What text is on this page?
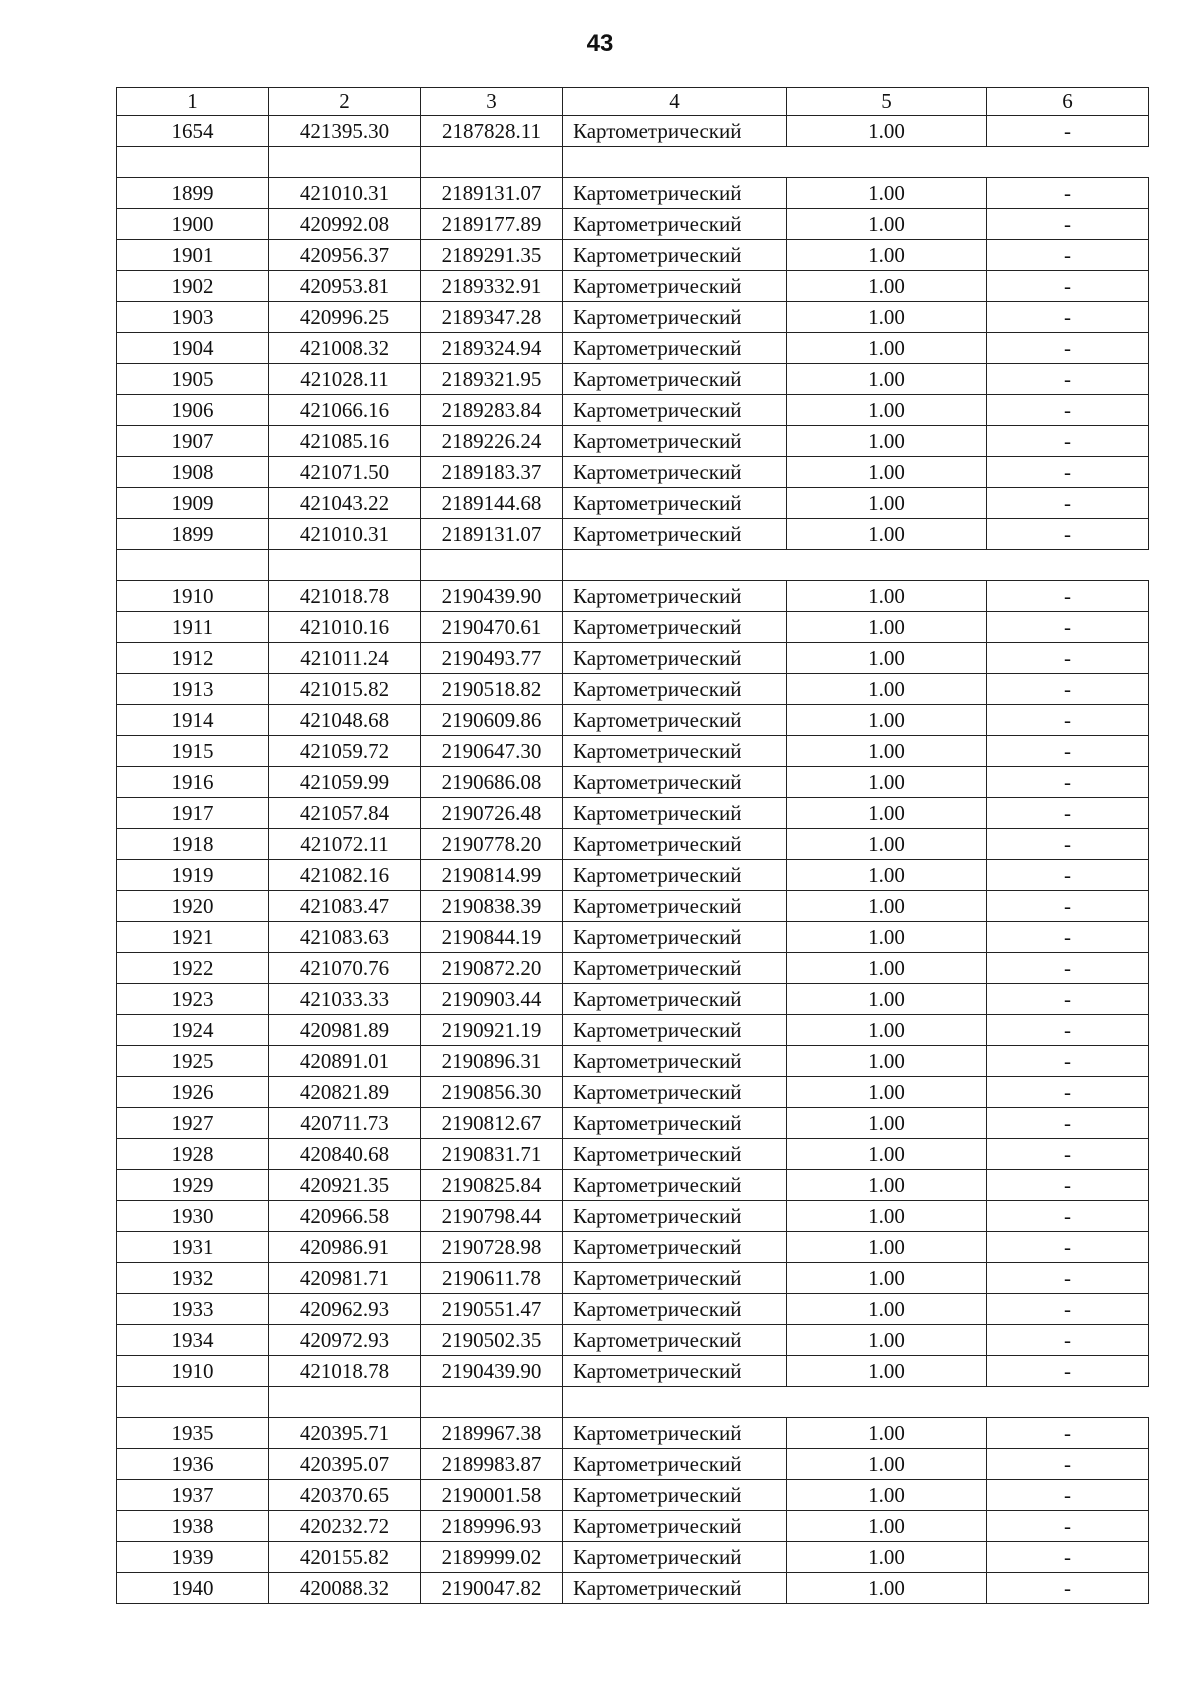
43
1	2	3	4	5	6
1654	421395.30	2187828.11	Картометрический	1.00	-

1899	421010.31	2189131.07	Картометрический	1.00	-
1900	420992.08	2189177.89	Картометрический	1.00	-
1901	420956.37	2189291.35	Картометрический	1.00	-
1902	420953.81	2189332.91	Картометрический	1.00	-
1903	420996.25	2189347.28	Картометрический	1.00	-
1904	421008.32	2189324.94	Картометрический	1.00	-
1905	421028.11	2189321.95	Картометрический	1.00	-
1906	421066.16	2189283.84	Картометрический	1.00	-
1907	421085.16	2189226.24	Картометрический	1.00	-
1908	421071.50	2189183.37	Картометрический	1.00	-
1909	421043.22	2189144.68	Картометрический	1.00	-
1899	421010.31	2189131.07	Картометрический	1.00	-

1910	421018.78	2190439.90	Картометрический	1.00	-
1911	421010.16	2190470.61	Картометрический	1.00	-
1912	421011.24	2190493.77	Картометрический	1.00	-
1913	421015.82	2190518.82	Картометрический	1.00	-
1914	421048.68	2190609.86	Картометрический	1.00	-
1915	421059.72	2190647.30	Картометрический	1.00	-
1916	421059.99	2190686.08	Картометрический	1.00	-
1917	421057.84	2190726.48	Картометрический	1.00	-
1918	421072.11	2190778.20	Картометрический	1.00	-
1919	421082.16	2190814.99	Картометрический	1.00	-
1920	421083.47	2190838.39	Картометрический	1.00	-
1921	421083.63	2190844.19	Картометрический	1.00	-
1922	421070.76	2190872.20	Картометрический	1.00	-
1923	421033.33	2190903.44	Картометрический	1.00	-
1924	420981.89	2190921.19	Картометрический	1.00	-
1925	420891.01	2190896.31	Картометрический	1.00	-
1926	420821.89	2190856.30	Картометрический	1.00	-
1927	420711.73	2190812.67	Картометрический	1.00	-
1928	420840.68	2190831.71	Картометрический	1.00	-
1929	420921.35	2190825.84	Картометрический	1.00	-
1930	420966.58	2190798.44	Картометрический	1.00	-
1931	420986.91	2190728.98	Картометрический	1.00	-
1932	420981.71	2190611.78	Картометрический	1.00	-
1933	420962.93	2190551.47	Картометрический	1.00	-
1934	420972.93	2190502.35	Картометрический	1.00	-
1910	421018.78	2190439.90	Картометрический	1.00	-

1935	420395.71	2189967.38	Картометрический	1.00	-
1936	420395.07	2189983.87	Картометрический	1.00	-
1937	420370.65	2190001.58	Картометрический	1.00	-
1938	420232.72	2189996.93	Картометрический	1.00	-
1939	420155.82	2189999.02	Картометрический	1.00	-
1940	420088.32	2190047.82	Картометрический	1.00	-
